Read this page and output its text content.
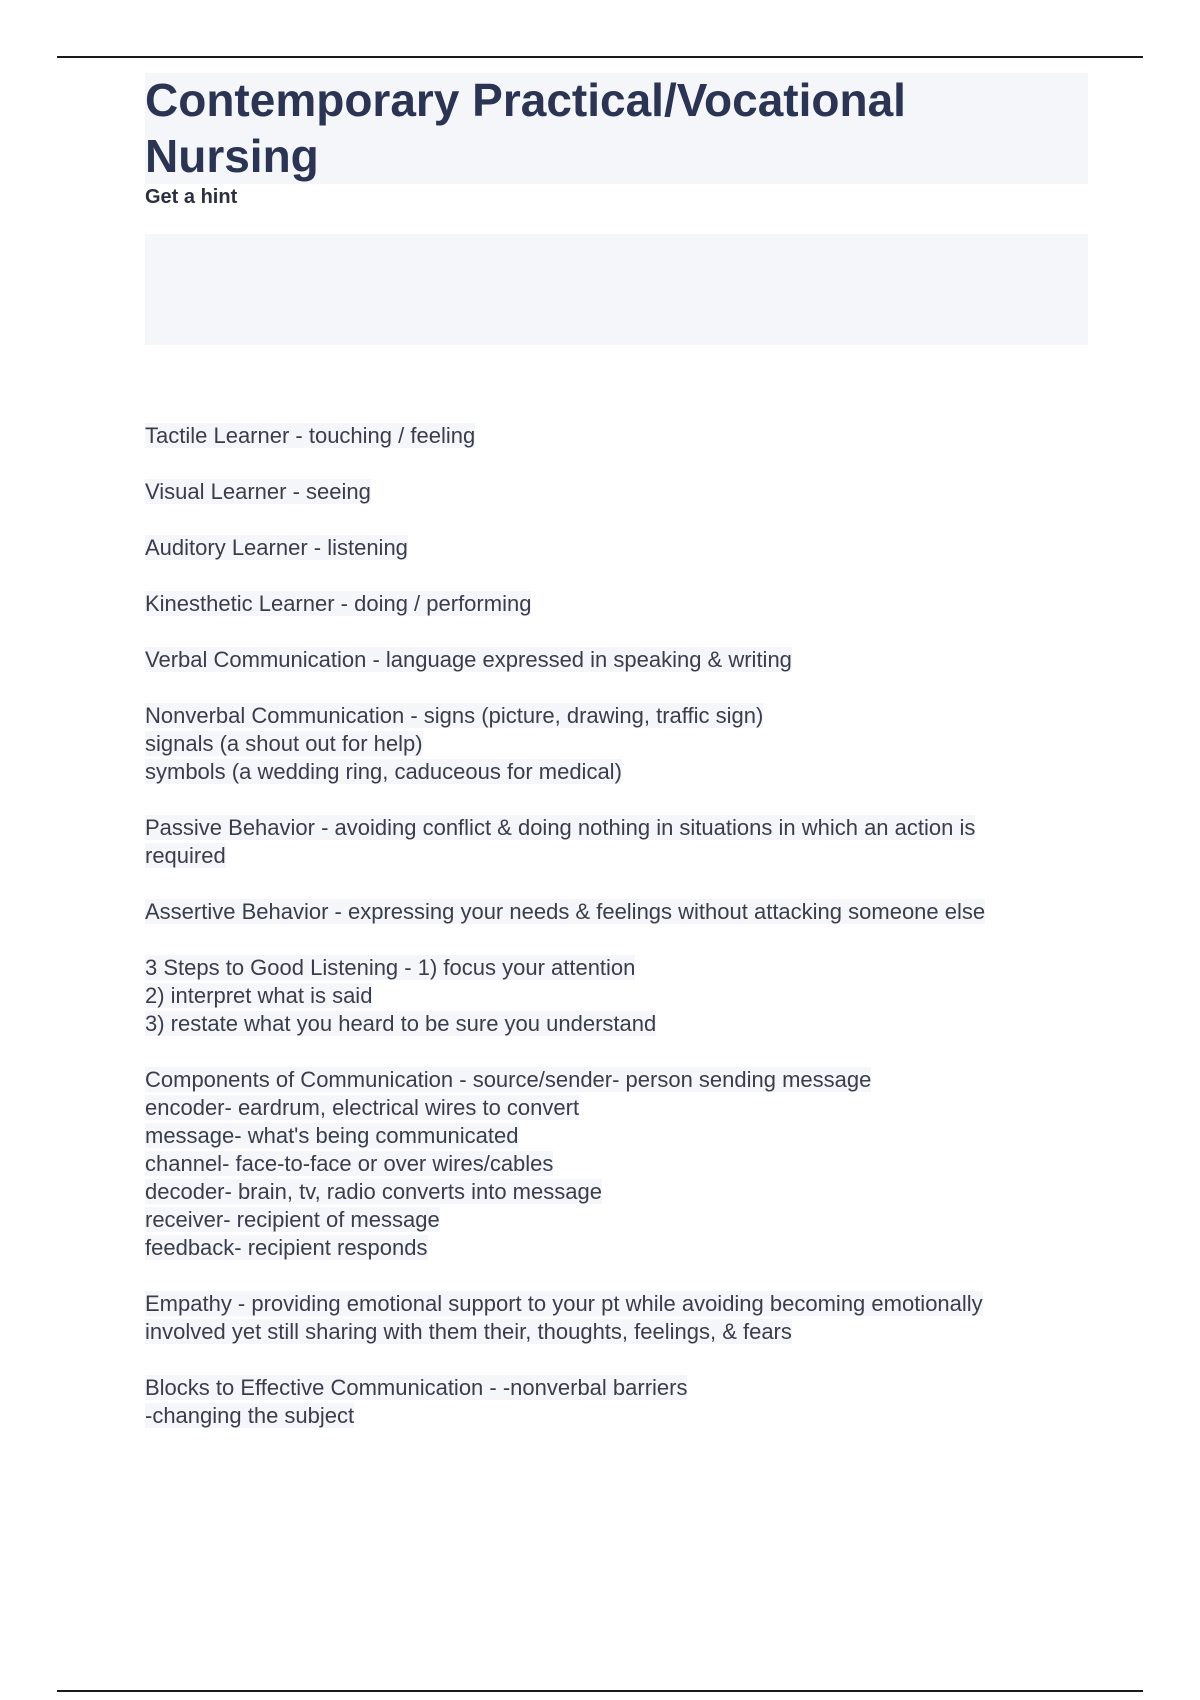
Contemporary Practical/Vocational Nursing
Get a hint
Tactile Learner - touching / feeling
Visual Learner - seeing
Auditory Learner - listening
Kinesthetic Learner - doing / performing
Verbal Communication - language expressed in speaking & writing
Nonverbal Communication - signs (picture, drawing, traffic sign)signals (a shout out for help)symbols (a wedding ring, caduceous for medical)
Passive Behavior - avoiding conflict & doing nothing in situations in which an action isrequired
Assertive Behavior - expressing your needs & feelings without attacking someone else
3 Steps to Good Listening - 1) focus your attention2) interpret what is said3) restate what you heard to be sure you understand
Components of Communication - source/sender- person sending messageencoder- eardrum, electrical wires to convertmessage- what's being communicatedchannel- face-to-face or over wires/cablesdecoder- brain, tv, radio converts into messagereceiver- recipient of messagefeedback- recipient responds
Empathy - providing emotional support to your pt while avoiding becoming emotionallyinvolved yet still sharing with them their, thoughts, feelings, & fears
Blocks to Effective Communication - -nonverbal barriers-changing the subject
